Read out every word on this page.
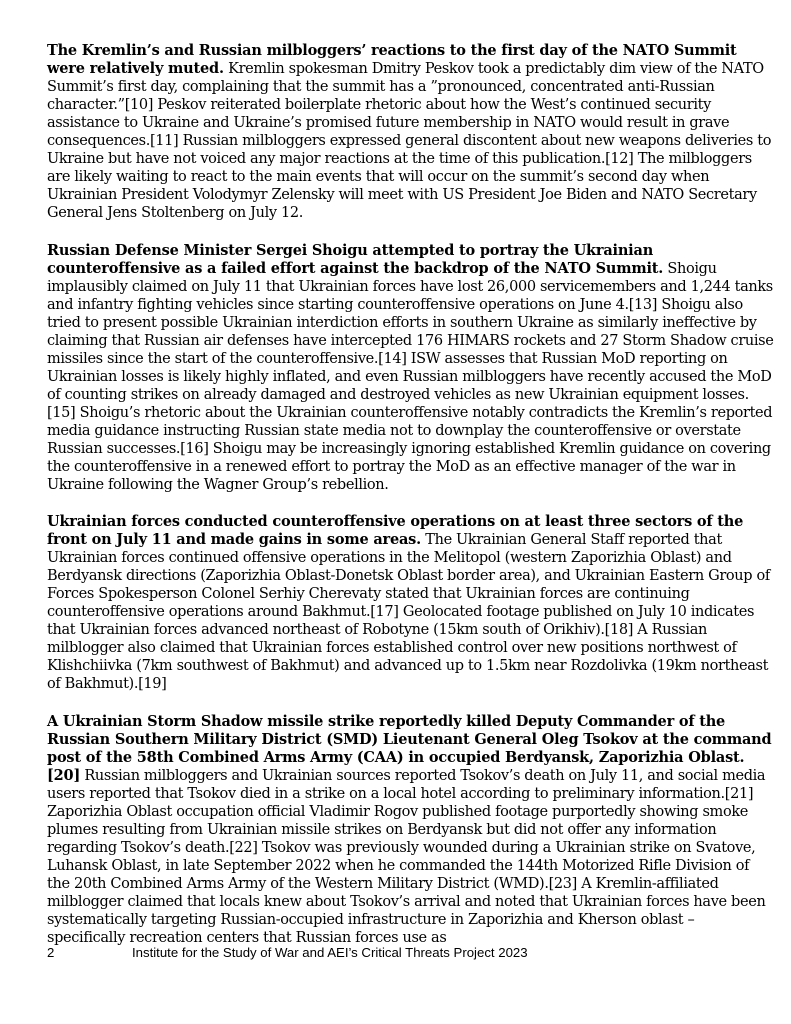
The Kremlin’s and Russian milbloggers’ reactions to the first day of the NATO Summit were relatively muted. Kremlin spokesman Dmitry Peskov took a predictably dim view of the NATO Summit’s first day, complaining that the summit has a ”pronounced, concentrated anti-Russian character.”[10] Peskov reiterated boilerplate rhetoric about how the West’s continued security assistance to Ukraine and Ukraine’s promised future membership in NATO would result in grave consequences.[11] Russian milbloggers expressed general discontent about new weapons deliveries to Ukraine but have not voiced any major reactions at the time of this publication.[12] The milbloggers are likely waiting to react to the main events that will occur on the summit’s second day when Ukrainian President Volodymyr Zelensky will meet with US President Joe Biden and NATO Secretary General Jens Stoltenberg on July 12.

Russian Defense Minister Sergei Shoigu attempted to portray the Ukrainian counteroffensive as a failed effort against the backdrop of the NATO Summit. Shoigu implausibly claimed on July 11 that Ukrainian forces have lost 26,000 servicemembers and 1,244 tanks and infantry fighting vehicles since starting counteroffensive operations on June 4.[13] Shoigu also tried to present possible Ukrainian interdiction efforts in southern Ukraine as similarly ineffective by claiming that Russian air defenses have intercepted 176 HIMARS rockets and 27 Storm Shadow cruise missiles since the start of the counteroffensive.[14] ISW assesses that Russian MoD reporting on Ukrainian losses is likely highly inflated, and even Russian milbloggers have recently accused the MoD of counting strikes on already damaged and destroyed vehicles as new Ukrainian equipment losses.[15] Shoigu’s rhetoric about the Ukrainian counteroffensive notably contradicts the Kremlin’s reported media guidance instructing Russian state media not to downplay the counteroffensive or overstate Russian successes.[16] Shoigu may be increasingly ignoring established Kremlin guidance on covering the counteroffensive in a renewed effort to portray the MoD as an effective manager of the war in Ukraine following the Wagner Group’s rebellion.

Ukrainian forces conducted counteroffensive operations on at least three sectors of the front on July 11 and made gains in some areas. The Ukrainian General Staff reported that Ukrainian forces continued offensive operations in the Melitopol (western Zaporizhia Oblast) and Berdyansk directions (Zaporizhia Oblast-Donetsk Oblast border area), and Ukrainian Eastern Group of Forces Spokesperson Colonel Serhiy Cherevaty stated that Ukrainian forces are continuing counteroffensive operations around Bakhmut.[17] Geolocated footage published on July 10 indicates that Ukrainian forces advanced northeast of Robotyne (15km south of Orikhiv).[18] A Russian milblogger also claimed that Ukrainian forces established control over new positions northwest of Klishchiivka (7km southwest of Bakhmut) and advanced up to 1.5km near Rozdolivka (19km northeast of Bakhmut).[19]

A Ukrainian Storm Shadow missile strike reportedly killed Deputy Commander of the Russian Southern Military District (SMD) Lieutenant General Oleg Tsokov at the command post of the 58th Combined Arms Army (CAA) in occupied Berdyansk, Zaporizhia Oblast.[20] Russian milbloggers and Ukrainian sources reported Tsokov’s death on July 11, and social media users reported that Tsokov died in a strike on a local hotel according to preliminary information.[21] Zaporizhia Oblast occupation official Vladimir Rogov published footage purportedly showing smoke plumes resulting from Ukrainian missile strikes on Berdyansk but did not offer any information regarding Tsokov’s death.[22] Tsokov was previously wounded during a Ukrainian strike on Svatove, Luhansk Oblast, in late September 2022 when he commanded the 144th Motorized Rifle Division of the 20th Combined Arms Army of the Western Military District (WMD).[23] A Kremlin-affiliated milblogger claimed that locals knew about Tsokov’s arrival and noted that Ukrainian forces have been systematically targeting Russian-occupied infrastructure in Zaporizhia and Kherson oblast – specifically recreation centers that Russian forces use as

2	Institute for the Study of War and AEI’s Critical Threats Project 2023
